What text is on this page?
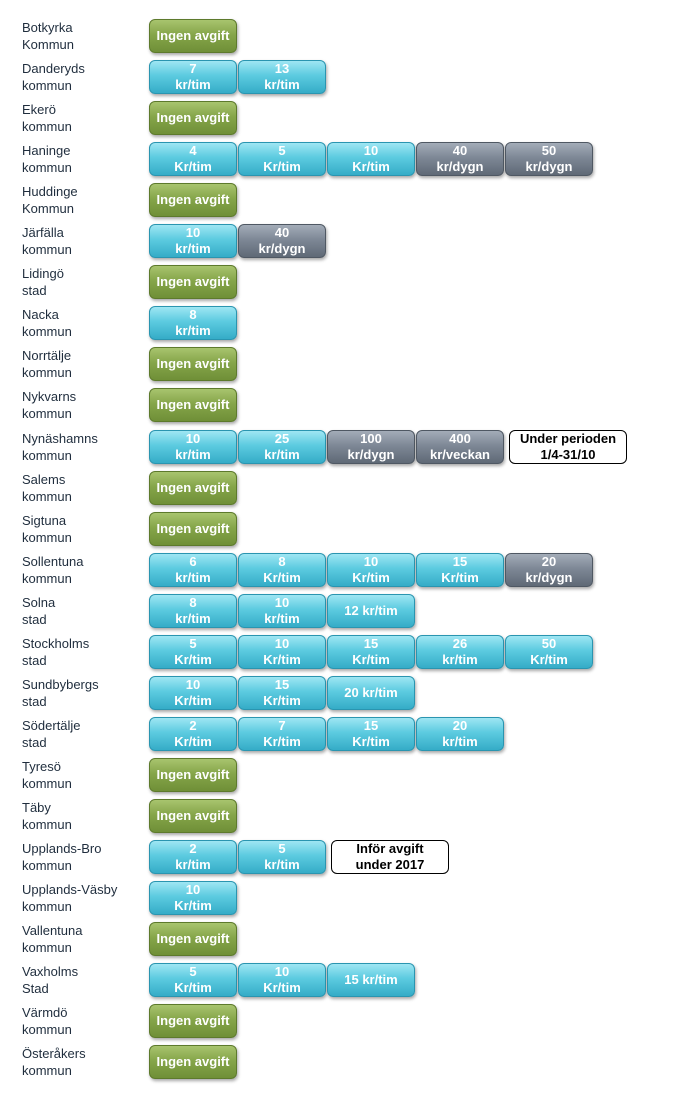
Botkyrka
Kommun
Ingen avgift
Danderyds
kommun
7
kr/tim
13
kr/tim
Ekerö
kommun
Ingen avgift
Haninge
kommun
4
Kr/tim
5
Kr/tim
10
Kr/tim
40
kr/dygn
50
kr/dygn
Huddinge
Kommun
Ingen avgift
Järfälla
kommun
10
kr/tim
40
kr/dygn
Lidingö
stad
Ingen avgift
Nacka
kommun
8
kr/tim
Norrtälje
kommun
Ingen avgift
Nykvarns
kommun
Ingen avgift
Nynäshamns
kommun
10
kr/tim
25
kr/tim
100
kr/dygn
400
kr/veckan
Under perioden
1/4-31/10
Salems
kommun
Ingen avgift
Sigtuna
kommun
Ingen avgift
Sollentuna
kommun
6
kr/tim
8
Kr/tim
10
Kr/tim
15
Kr/tim
20
kr/dygn
Solna
stad
8
kr/tim
10
kr/tim
12 kr/tim
Stockholms
stad
5
Kr/tim
10
Kr/tim
15
Kr/tim
26
kr/tim
50
Kr/tim
Sundbybergs
stad
10
Kr/tim
15
Kr/tim
20 kr/tim
Södertälje
stad
2
Kr/tim
7
Kr/tim
15
Kr/tim
20
kr/tim
Tyresö
kommun
Ingen avgift
Täby
kommun
Ingen avgift
Upplands-Bro
kommun
2
kr/tim
5
kr/tim
Inför avgift
under 2017
Upplands-Väsby
kommun
10
Kr/tim
Vallentuna
kommun
Ingen avgift
Vaxholms
Stad
5
Kr/tim
10
Kr/tim
15 kr/tim
Värmdö
kommun
Ingen avgift
Österåkers
kommun
Ingen avgift
